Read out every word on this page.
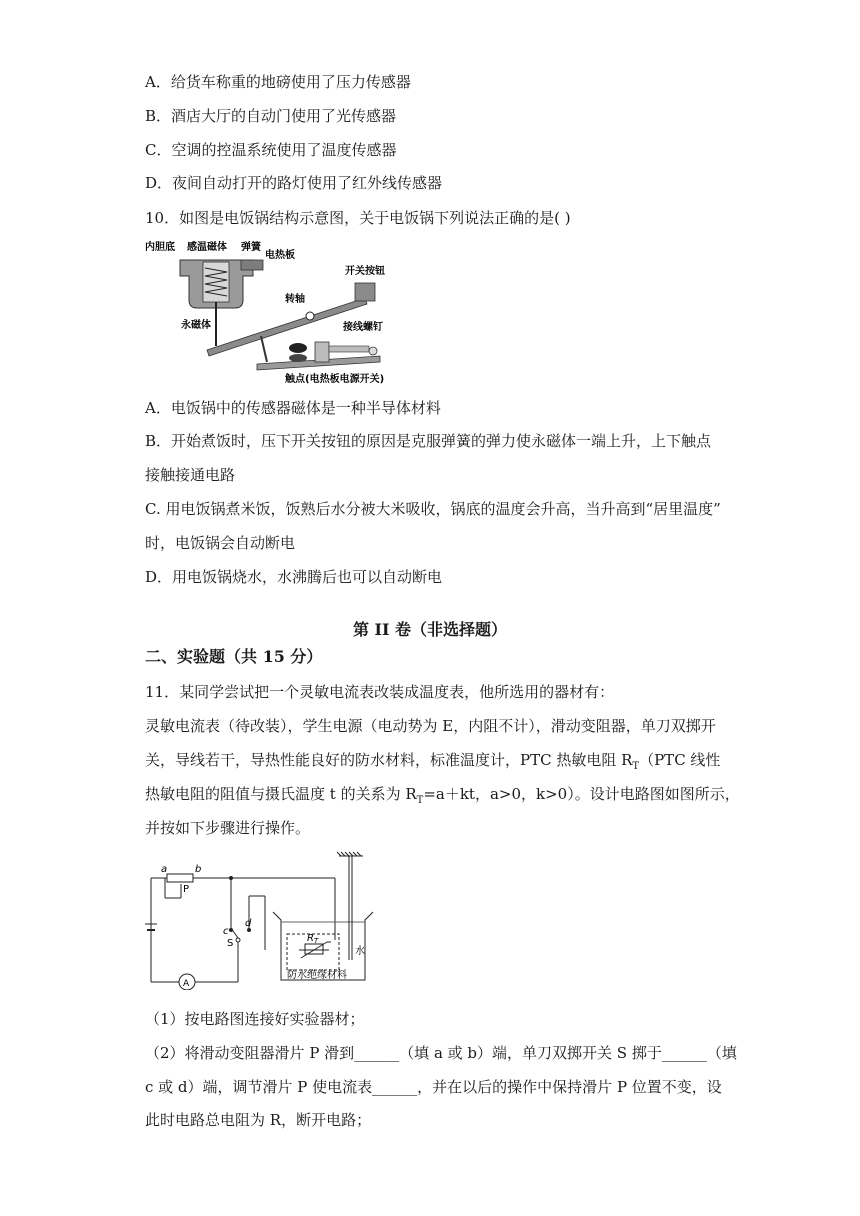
A．给货车称重的地磅使用了压力传感器
B．酒店大厅的自动门使用了光传感器
C．空调的控温系统使用了温度传感器
D．夜间自动打开的路灯使用了红外线传感器
10．如图是电饭锅结构示意图，关于电饭锅下列说法正确的是( )
内胆底 感温磁体 弹簧
电热板
开关按钮
转轴
接线螺钉
永磁体
触点(电热板电源开关)
A．电饭锅中的传感器磁体是一种半导体材料
B．开始煮饭时，压下开关按钮的原因是克服弹簧的弹力使永磁体一端上升，上下触点
接触接通电路
C. 用电饭锅煮米饭，饭熟后水分被大米吸收，锅底的温度会升高，当升高到“居里温度”
时，电饭锅会自动断电
D．用电饭锅烧水，水沸腾后也可以自动断电
第 II 卷（非选择题）
二、实验题（共 15 分）
11．某同学尝试把一个灵敏电流表改装成温度表，他所选用的器材有：
灵敏电流表（待改装），学生电源（电动势为 E，内阻不计），滑动变阻器，单刀双掷开
关，导线若干，导热性能良好的防水材料，标准温度计，PTC 热敏电阻 $R_T(PTC$ 线性
热敏电阻的阻值与摄氏温度 t 的关系为 $R_T=a+kt$，a>0，k>0）。设计电路图如图所示，
并按如下步骤进行操作。
a	b
P
c
d
S	$R_T$
水
防水绝缘材料
A
（1）按电路图连接好实验器材；
（2）将滑动变阻器滑片 P 滑到______（填 a 或 b）端，单刀双掷开关 S 掷于______（填
c 或 d）端，调节滑片 P 使电流表______，并在以后的操作中保持滑片 P 位置不变，设
此时电路总电阻为 R，断开电路；
